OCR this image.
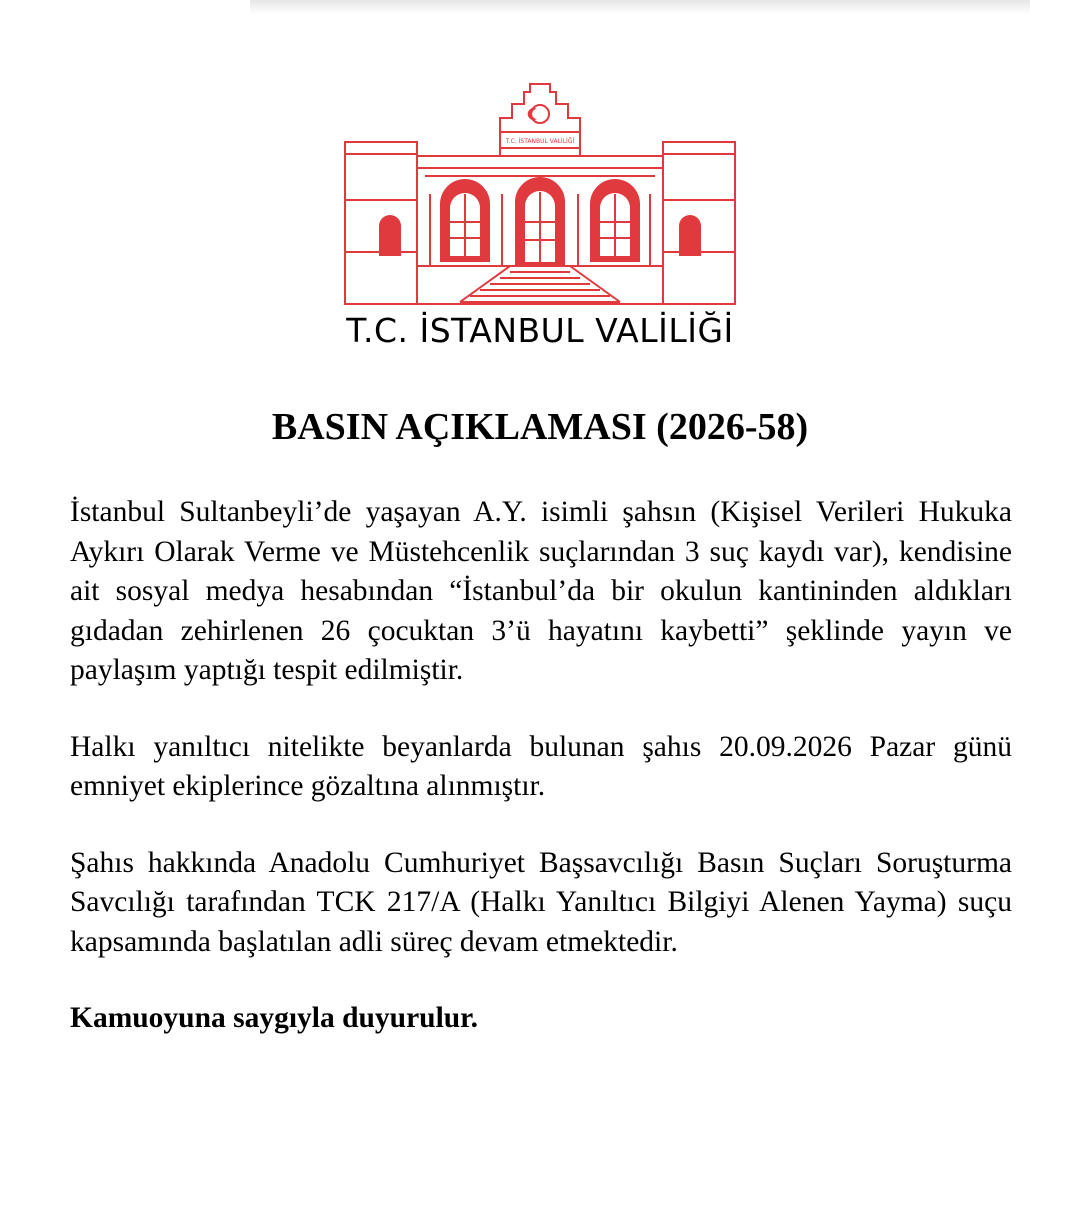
T.C. İSTANBUL VALİLİĞİ
T.C. İSTANBUL VALİLİĞİ
BASIN AÇIKLAMASI (2026-58)

İstanbul Sultanbeyli’de yaşayan A.Y. isimli şahsın (Kişisel Verileri Hukuka Aykırı Olarak Verme ve Müstehcenlik suçlarından 3 suç kaydı var), kendisine ait sosyal medya hesabından “İstanbul’da bir okulun kantininden aldıkları gıdadan zehirlenen 26 çocuktan 3’ü hayatını kaybetti” şeklinde yayın ve paylaşım yaptığı tespit edilmiştir.

Halkı yanıltıcı nitelikte beyanlarda bulunan şahıs 20.09.2026 Pazar günü emniyet ekiplerince gözaltına alınmıştır.

Şahıs hakkında Anadolu Cumhuriyet Başsavcılığı Basın Suçları Soruşturma Savcılığı tarafından TCK 217/A (Halkı Yanıltıcı Bilgiyi Alenen Yayma) suçu kapsamında başlatılan adli süreç devam etmektedir.

Kamuoyuna saygıyla duyurulur.
